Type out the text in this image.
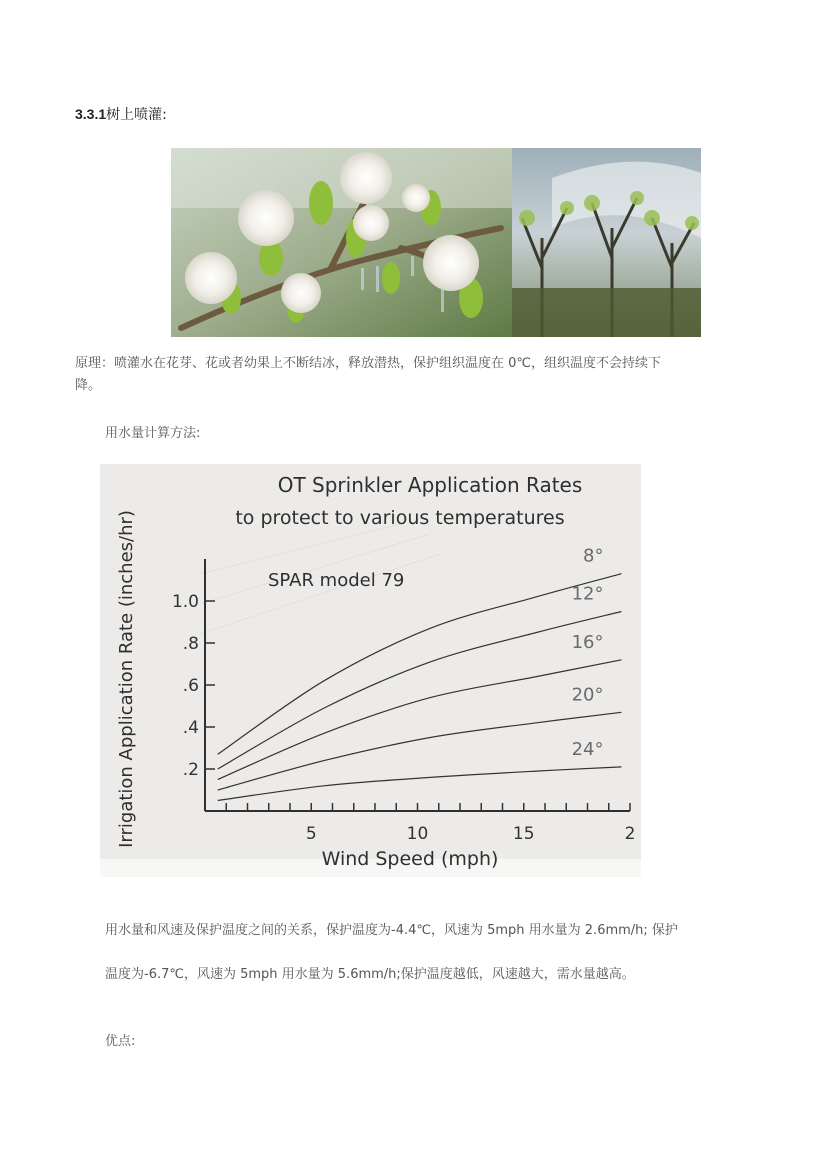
3.3.1树上喷灌:
原理：喷灌水在花芽、花或者幼果上不断结冰，释放潜热，保护组织温度在 0℃，组织温度不会持续下降。
用水量计算方法:
OT Sprinkler Application Rates
to protect to various temperatures
SPAR model 79
Irrigation Application Rate (inches/hr)
Wind Speed (mph)
5	10	15	2
.2
.4
.6
.8
1.0
8°
12°
16°
20°
24°
用水量和风速及保护温度之间的关系，保护温度为-4.4℃，风速为 5mph 用水量为 2.6mm/h; 保护
温度为-6.7℃，风速为 5mph 用水量为 5.6mm/h;保护温度越低，风速越大，需水量越高。
优点:
